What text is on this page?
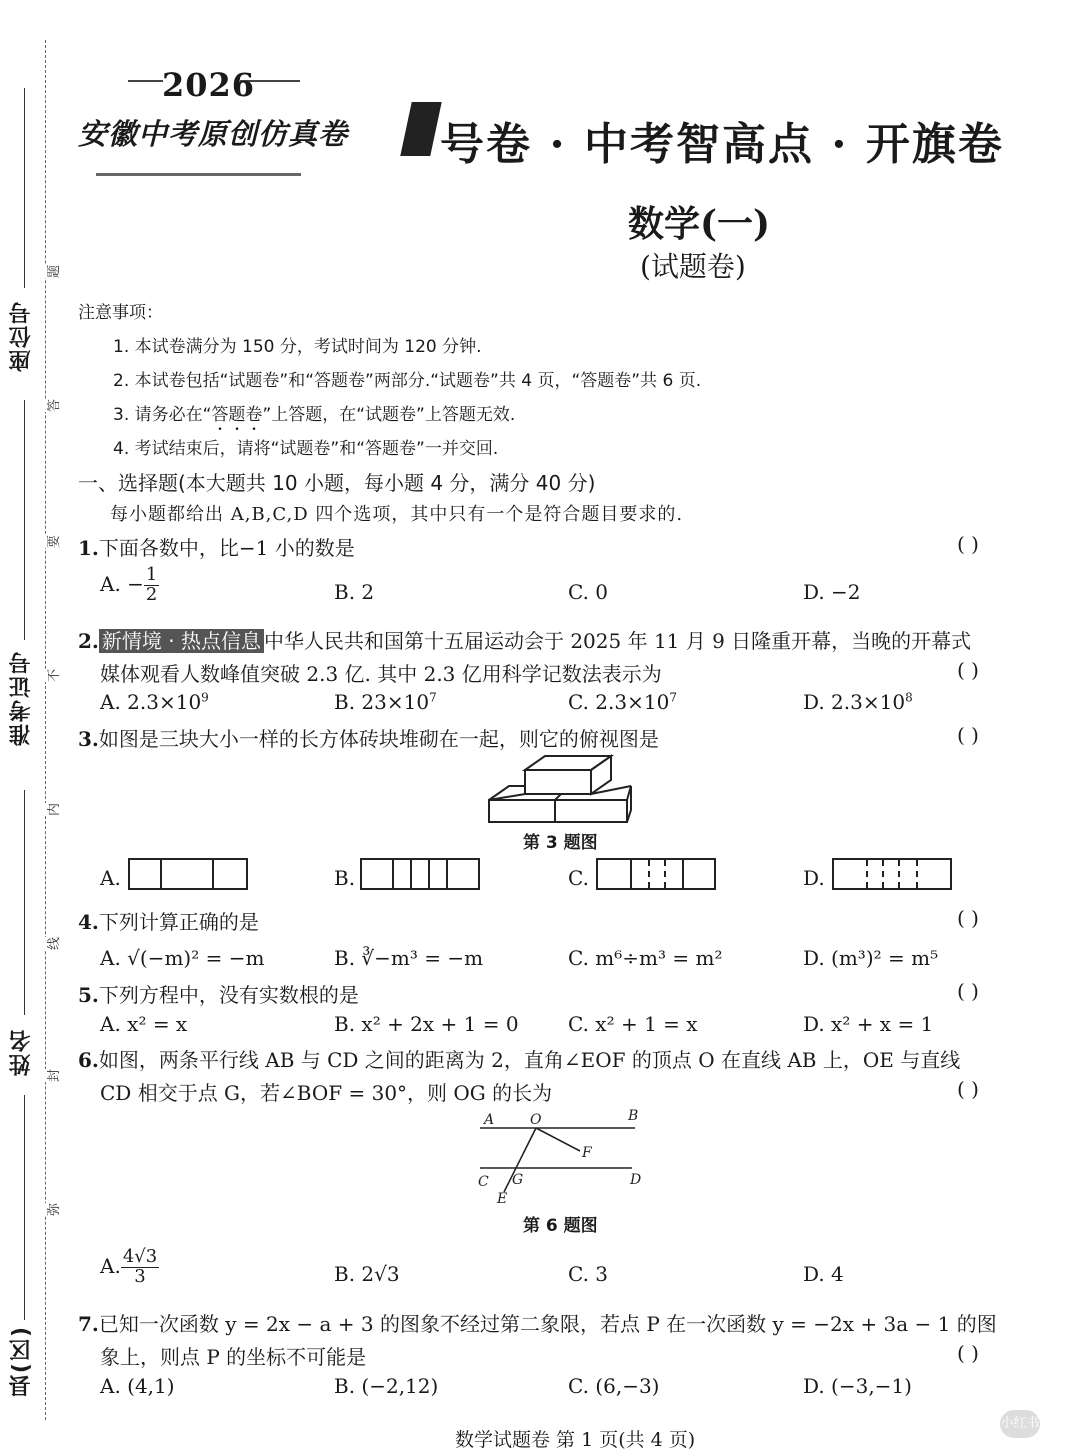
座位号
准考证号
姓名
县(区)
题
答
要
不
内
线
封
弥
2026
安徽中考原创仿真卷 号卷 · 中考智高点 · 开旗卷
数学(一)
(试题卷)
注意事项：
1. 本试卷满分为 150 分，考试时间为 120 分钟.
2. 本试卷包括“试题卷”和“答题卷”两部分.“试题卷”共 4 页，“答题卷”共 6 页.
3. 请务必在“答题卷”上答题，在“试题卷”上答题无效.
4. 考试结束后，请将“试题卷”和“答题卷”一并交回.
一、选择题(本大题共 10 小题，每小题 4 分，满分 40 分)
每小题都给出 A,B,C,D 四个选项，其中只有一个是符合题目要求的.
1.下面各数中，比−1 小的数是	( )
A. − $\frac{1}{2}$	B. 2	C. 0	D. −2
2. 新情境 · 热点信息 中华人民共和国第十五届运动会于 2025 年 11 月 9 日隆重开幕，当晚的开幕式
媒体观看人数峰值突破 2.3 亿. 其中 2.3 亿用科学记数法表示为	( )
A. $2.3\times 10^9$	B. $23\times 10^7$	C. $2.3\times 10^7$	D. $2.3\times 10^8$
3.如图是三块大小一样的长方体砖块堆砌在一起，则它的俯视图是	( )
第 3 题图
A.	B.	C.	D.
4.下列计算正确的是	( )
A. √(−m)² = −m	B. ∛−m³ = −m	C. m⁶÷m³ = m²	D. (m³)² = m⁵
5.下列方程中，没有实数根的是	( )
A. x² = x	B. x² + 2x + 1 = 0 C. x² + 1 = x	D. x² + x = 1
6.如图，两条平行线 AB 与 CD 之间的距离为 2，直角∠EOF 的顶点 O 在直线 AB 上，OE 与直线
CD 相交于点 G，若∠BOF = 30°，则 OG 的长为	( )
A	O	B
F
C G	D
E
第 6 题图
A. $\frac{4√3}{3}$	B. 2√3	C. 3	D. 4
7.已知一次函数 y = 2x − a + 3 的图象不经过第二象限，若点 P 在一次函数 y = −2x + 3a − 1 的图
象上，则点 P 的坐标不可能是	( )
A. (4,1)	B. (−2,12)	C. (6,−3)	D. (−3,−1)
数学试题卷 第 1 页(共 4 页)
小红书
